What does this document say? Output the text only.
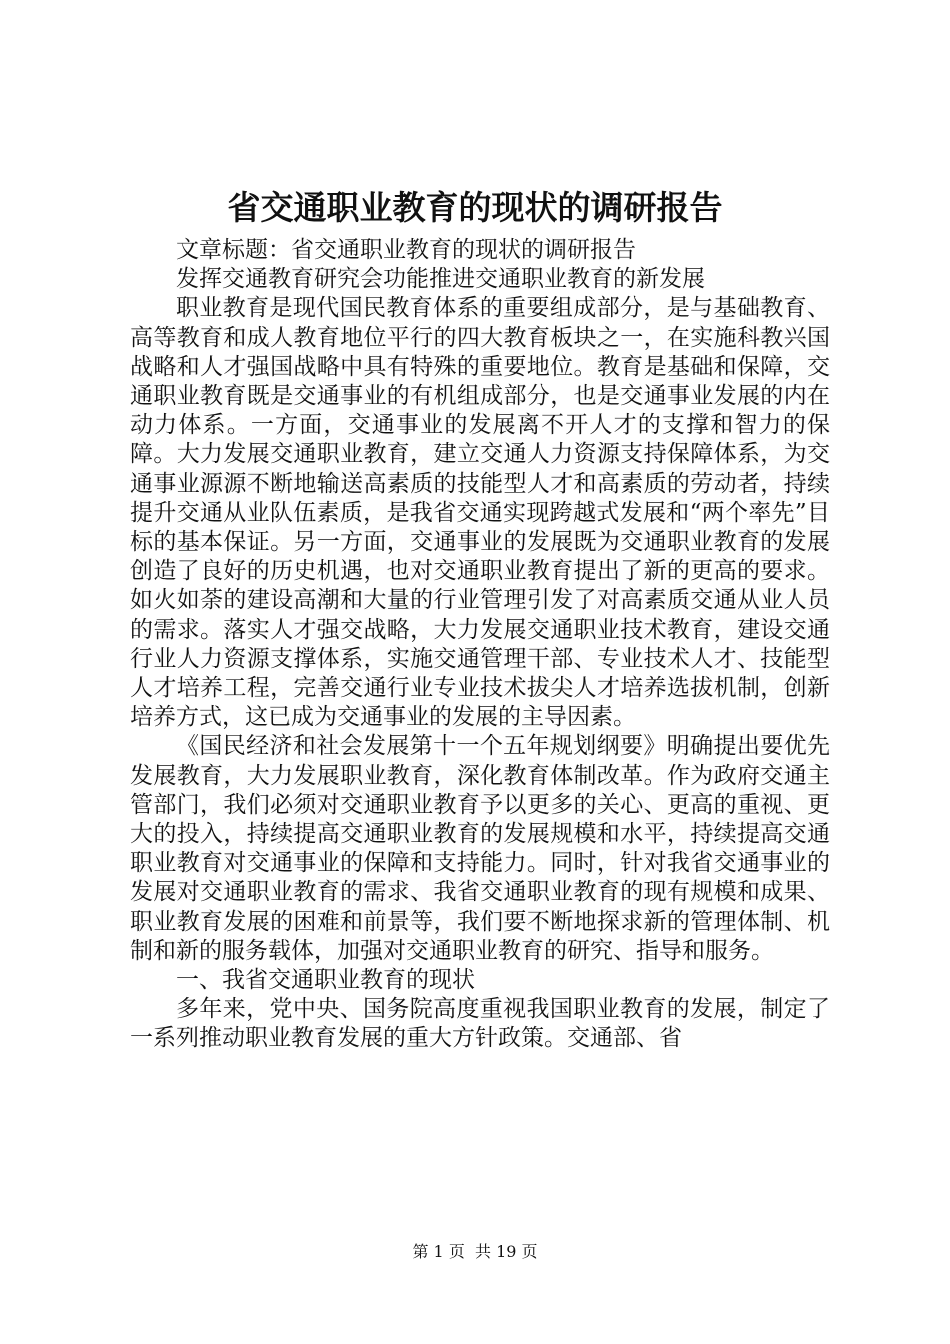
省交通职业教育的现状的调研报告

文章标题：省交通职业教育的现状的调研报告

发挥交通教育研究会功能推进交通职业教育的新发展

职业教育是现代国民教育体系的重要组成部分，是与基础教育、高等教育和成人教育地位平行的四大教育板块之一，在实施科教兴国战略和人才强国战略中具有特殊的重要地位。教育是基础和保障，交通职业教育既是交通事业的有机组成部分，也是交通事业发展的内在动力体系。一方面，交通事业的发展离不开人才的支撑和智力的保障。大力发展交通职业教育，建立交通人力资源支持保障体系，为交通事业源源不断地输送高素质的技能型人才和高素质的劳动者，持续提升交通从业队伍素质，是我省交通实现跨越式发展和“两个率先”目标的基本保证。另一方面，交通事业的发展既为交通职业教育的发展创造了良好的历史机遇，也对交通职业教育提出了新的更高的要求。如火如荼的建设高潮和大量的行业管理引发了对高素质交通从业人员的需求。落实人才强交战略，大力发展交通职业技术教育，建设交通行业人力资源支撑体系，实施交通管理干部、专业技术人才、技能型人才培养工程，完善交通行业专业技术拔尖人才培养选拔机制，创新培养方式，这已成为交通事业的发展的主导因素。

《国民经济和社会发展第十一个五年规划纲要》明确提出要优先发展教育，大力发展职业教育，深化教育体制改革。作为政府交通主管部门，我们必须对交通职业教育予以更多的关心、更高的重视、更大的投入，持续提高交通职业教育的发展规模和水平，持续提高交通职业教育对交通事业的保障和支持能力。同时，针对我省交通事业的发展对交通职业教育的需求、我省交通职业教育的现有规模和成果、职业教育发展的困难和前景等，我们要不断地探求新的管理体制、机制和新的服务载体，加强对交通职业教育的研究、指导和服务。

一、我省交通职业教育的现状

多年来，党中央、国务院高度重视我国职业教育的发展，制定了一系列推动职业教育发展的重大方针政策。交通部、省

第 1 页  共 19 页
